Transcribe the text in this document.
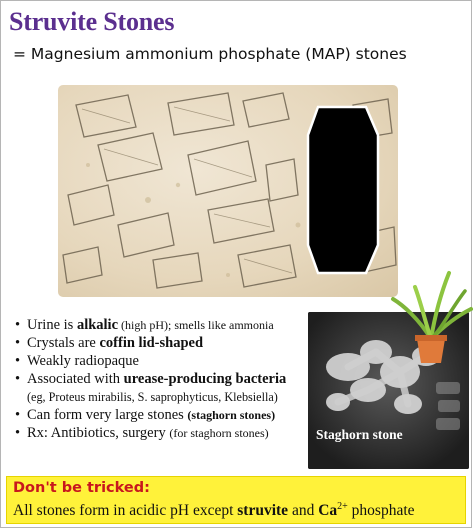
Struvite Stones
= Magnesium ammonium phosphate (MAP) stones
• Urine is alkalic (high pH); smells like ammonia
• Crystals are coffin lid-shaped
• Weakly radiopaque
• Associated with urease-producing bacteria
(eg, Proteus mirabilis, S. saprophyticus, Klebsiella)
• Can form very large stones (staghorn stones)
• Rx: Antibiotics, surgery (for staghorn stones)	Staghorn stone
Don't be tricked:
All stones form in acidic pH except struvite and $Ca^{2+}$ phosphate
